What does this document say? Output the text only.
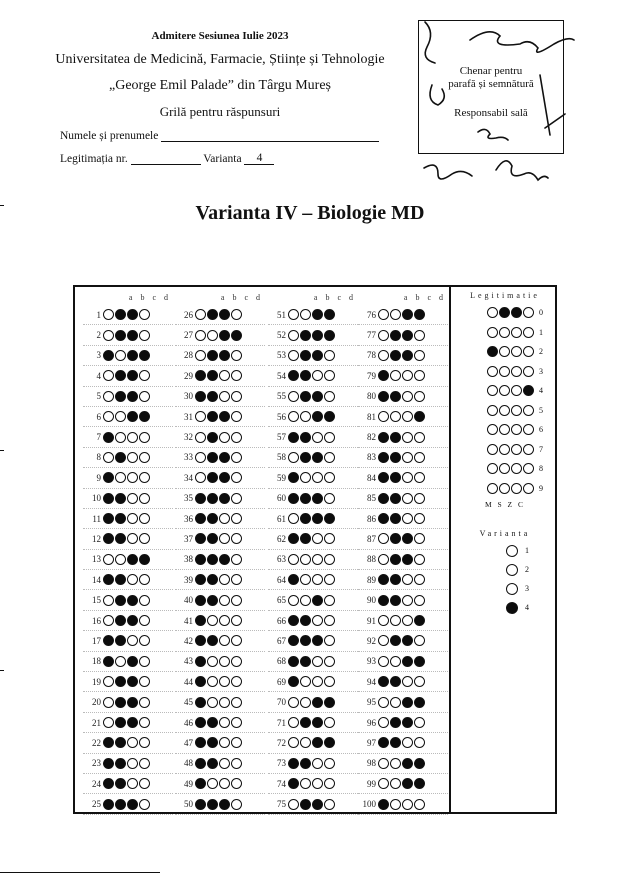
Admitere Sesiunea Iulie 2023
Universitatea de Medicină, Farmacie, Științe și Tehnologie
„George Emil Palade” din Târgu Mureș
Grilă pentru răspunsuri
Numele și prenumele
Legitimația nr.	Varianta 4
Chenar pentru
parafă și semnătură
Responsabil sală
Varianta IV – Biologie MD
a b c d
1
2
3
4
5
6
7
8
9
10
11
12
13
14
15
16
17
18
19
20
21
22
23
24
25
a b c d
26
27
28
29
30
31
32
33
34
35
36
37
38
39
40
41
42
43
44
45
46
47
48
49
50
a b c d
51
52
53
54
55
56
57
58
59
60
61
62
63
64
65
66
67
68
69
70
71
72
73
74
75
a b c d
76
77
78
79
80
81
82
83
84
85
86
87
88
89
90
91
92
93
94
95
96
97
98
99
100
Legitimatie
0
1
2
3
4
5
6
7
8
9
M S Z C
Varianta
1
2
3
4
